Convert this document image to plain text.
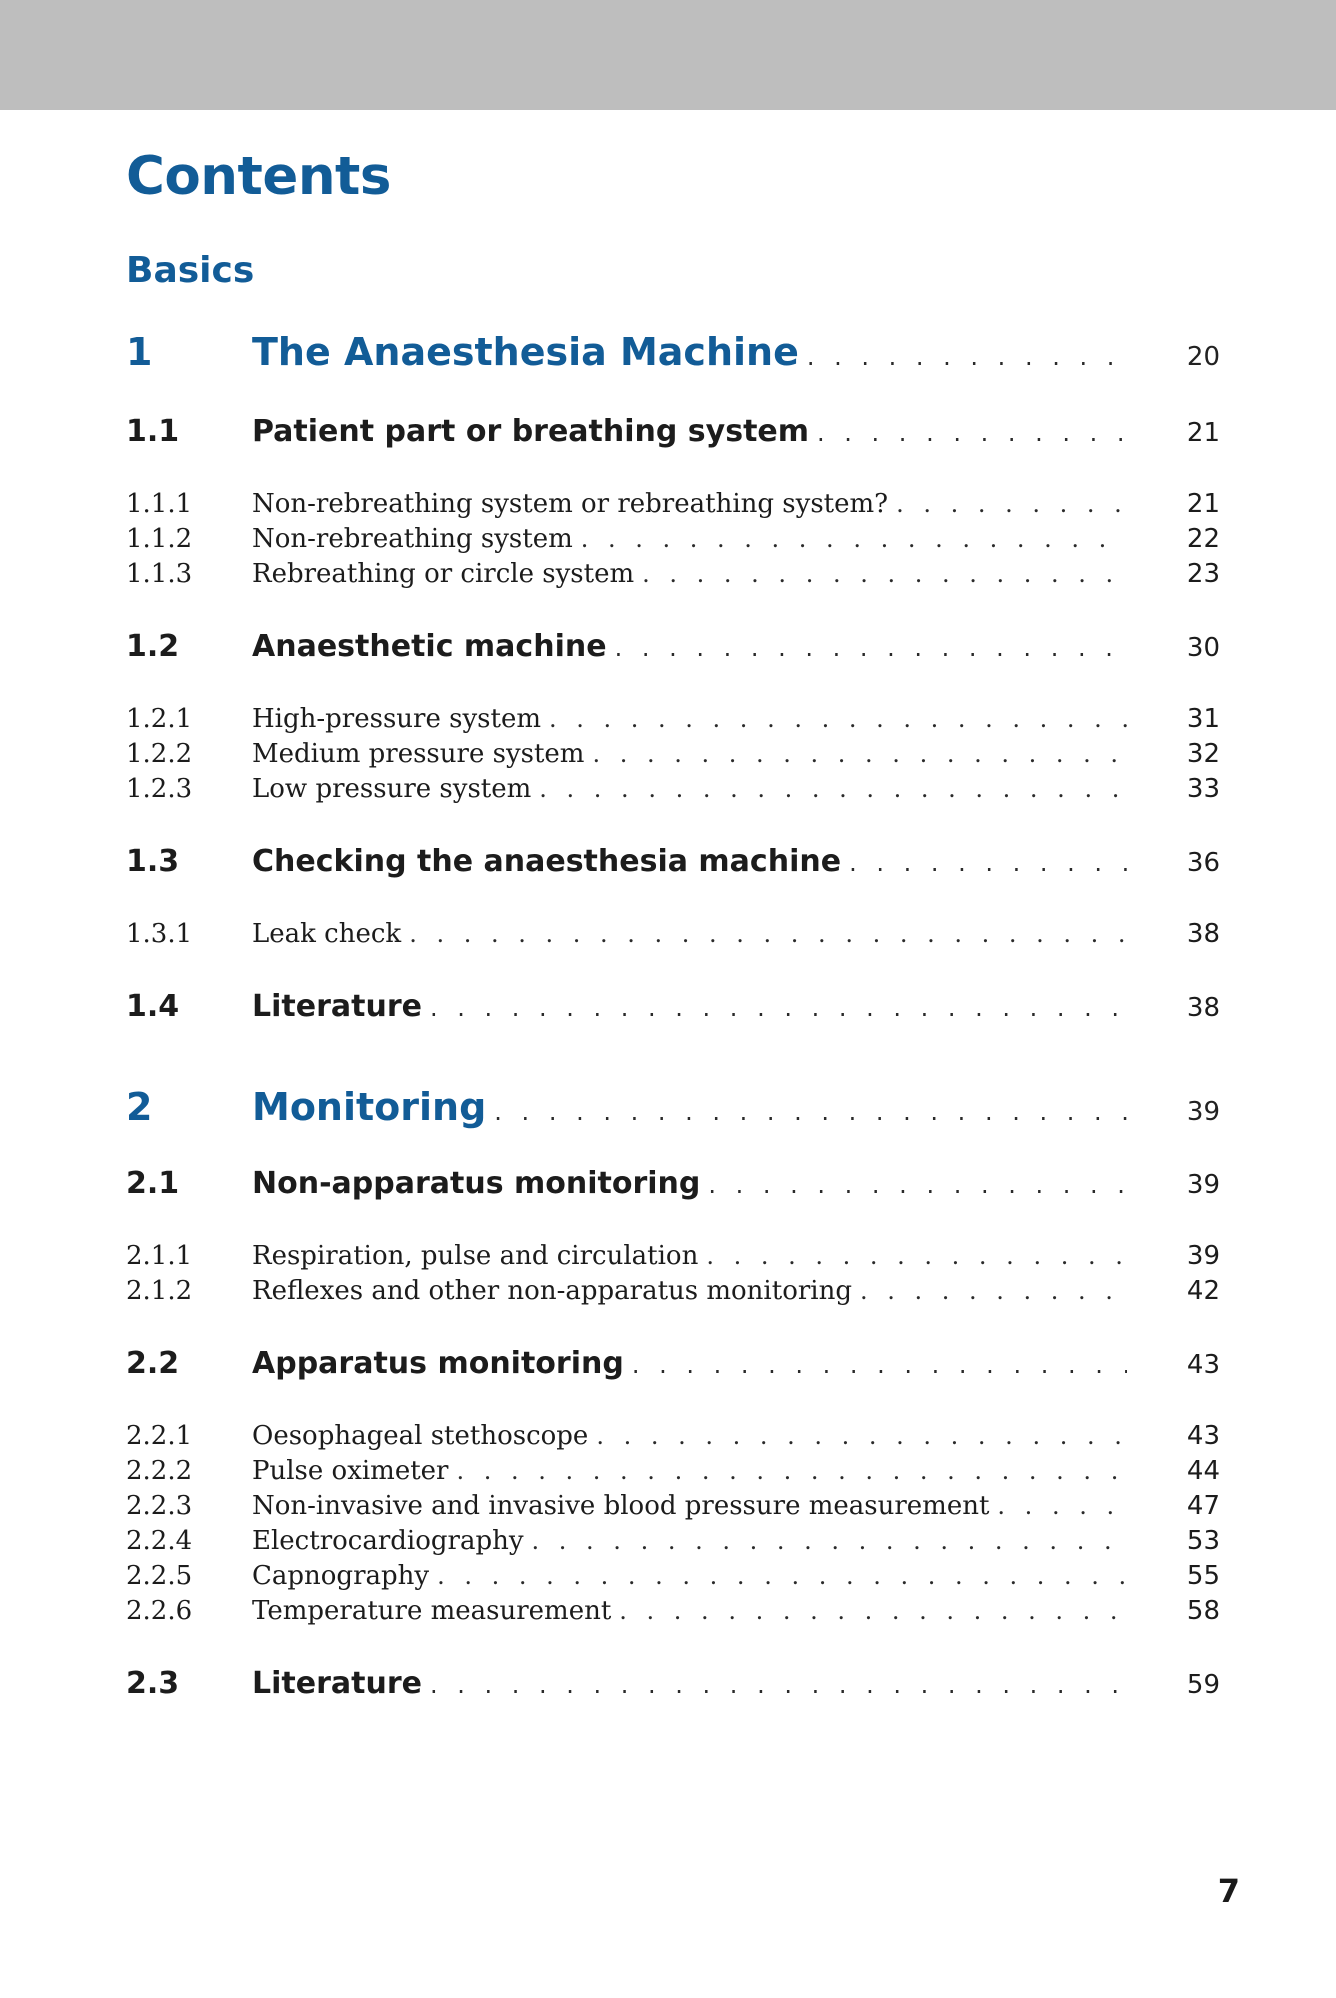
Contents
Basics
1	The Anaesthesia Machine . . .	20
1.1 Patient part or breathing system . . .	21
1.1.1 Non-rebreathing system or rebreathing system? . . .	21
1.1.2 Non-rebreathing system . . .	22
1.1.3 Rebreathing or circle system . . .	23
1.2 Anaesthetic machine . . .	30
1.2.1 High-pressure system . . .	31
1.2.2 Medium pressure system . . .	32
1.2.3 Low pressure system . . .	33
1.3 Checking the anaesthesia machine . . .	36
1.3.1 Leak check . . .	38
1.4 Literature . . .	38
2	Monitoring . . .	39
2.1 Non-apparatus monitoring . . .	39
2.1.1 Respiration, pulse and circulation . . .	39
2.1.2 Reflexes and other non-apparatus monitoring . . .	42
2.2 Apparatus monitoring . . .	43
2.2.1 Oesophageal stethoscope . . .	43
2.2.2 Pulse oximeter . . .	44
2.2.3 Non-invasive and invasive blood pressure measurement . . .	47
2.2.4 Electrocardiography . . .	53
2.2.5 Capnography . . .	55
2.2.6 Temperature measurement . . .	58
2.3 Literature . . .	59
7
